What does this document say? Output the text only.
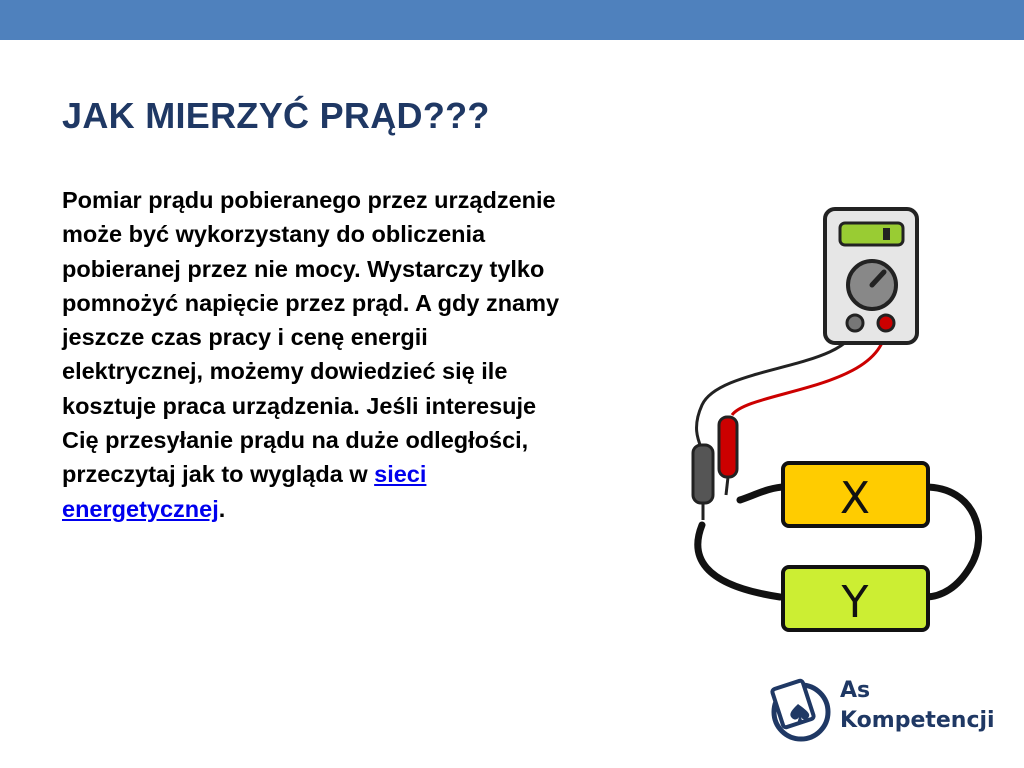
JAK MIERZYĆ PRĄD???

Pomiar prądu pobieranego przez urządzenie może być wykorzystany do obliczenia pobieranej przez nie mocy. Wystarczy tylko pomnożyć napięcie przez prąd. A gdy znamy jeszcze czas pracy i cenę energii elektrycznej, możemy dowiedzieć się ile kosztuje praca urządzenia. Jeśli interesuje Cię przesyłanie prądu na duże odległości, przeczytaj jak to wygląda w sieci energetycznej.	X
Y
As
Kompetencji
